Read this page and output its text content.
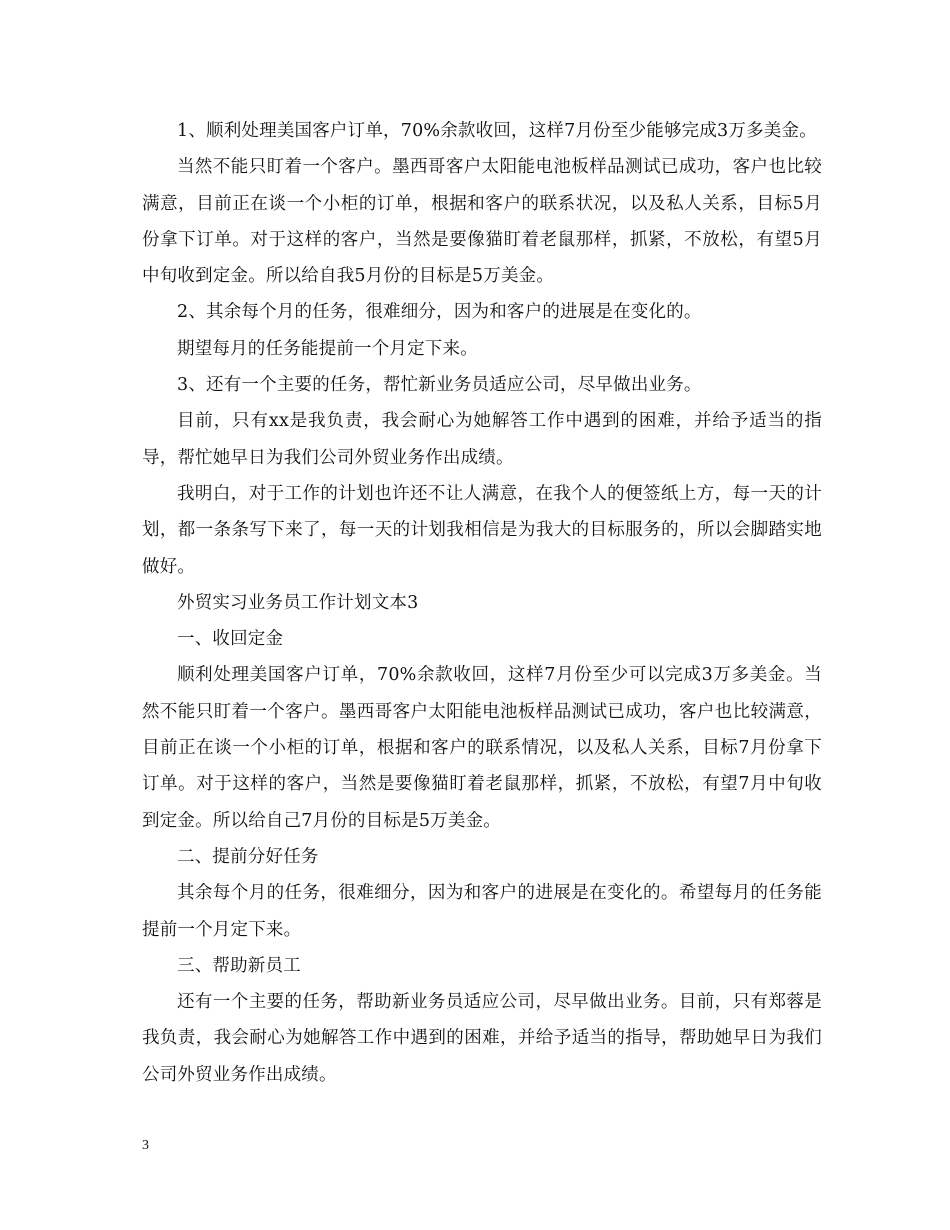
1、顺利处理美国客户订单，70%余款收回，这样7月份至少能够完成3万多美金。

当然不能只盯着一个客户。墨西哥客户太阳能电池板样品测试已成功，客户也比较满意，目前正在谈一个小柜的订单，根据和客户的联系状况，以及私人关系，目标5月份拿下订单。对于这样的客户，当然是要像猫盯着老鼠那样，抓紧，不放松，有望5月中旬收到定金。所以给自我5月份的目标是5万美金。

2、其余每个月的任务，很难细分，因为和客户的进展是在变化的。

期望每月的任务能提前一个月定下来。

3、还有一个主要的任务，帮忙新业务员适应公司，尽早做出业务。

目前，只有xx是我负责，我会耐心为她解答工作中遇到的困难，并给予适当的指导，帮忙她早日为我们公司外贸业务作出成绩。

我明白，对于工作的计划也许还不让人满意，在我个人的便签纸上方，每一天的计划，都一条条写下来了，每一天的计划我相信是为我大的目标服务的，所以会脚踏实地做好。

外贸实习业务员工作计划文本3

一、收回定金

顺利处理美国客户订单，70%余款收回，这样7月份至少可以完成3万多美金。当然不能只盯着一个客户。墨西哥客户太阳能电池板样品测试已成功，客户也比较满意，目前正在谈一个小柜的订单，根据和客户的联系情况，以及私人关系，目标7月份拿下订单。对于这样的客户，当然是要像猫盯着老鼠那样，抓紧，不放松，有望7月中旬收到定金。所以给自己7月份的目标是5万美金。

二、提前分好任务

其余每个月的任务，很难细分，因为和客户的进展是在变化的。希望每月的任务能提前一个月定下来。

三、帮助新员工

还有一个主要的任务，帮助新业务员适应公司，尽早做出业务。目前，只有郑蓉是我负责，我会耐心为她解答工作中遇到的困难，并给予适当的指导，帮助她早日为我们公司外贸业务作出成绩。

3
